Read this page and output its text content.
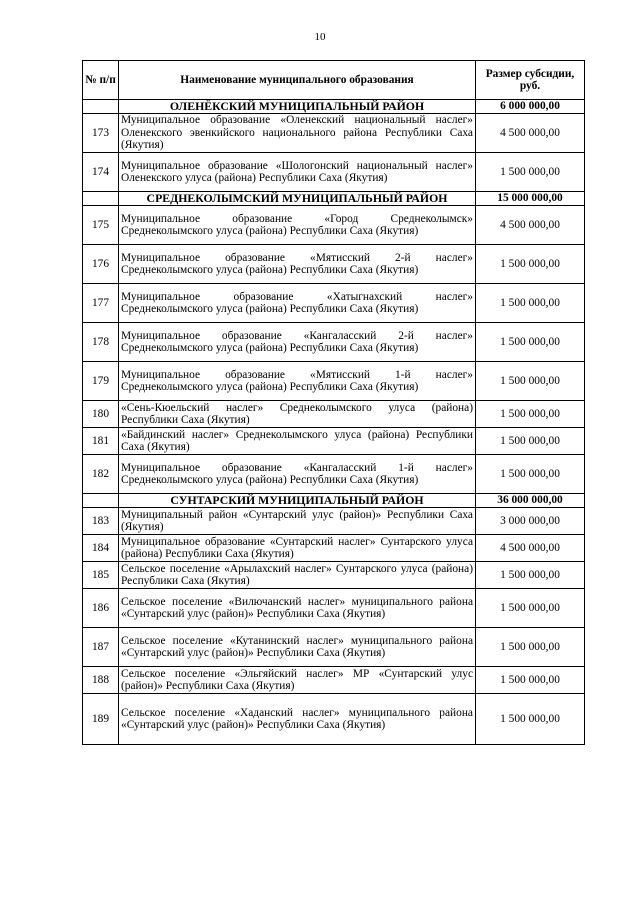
10
№ п/п	Наименование муниципального образования	Размер субсидии, руб.
	ОЛЕНЁКСКИЙ МУНИЦИПАЛЬНЫЙ РАЙОН	6 000 000,00
173	Муниципальное образование «Оленекский национальный наслег» Оленекского эвенкийского национального района Республики Саха (Якутия)	4 500 000,00
174	Муниципальное образование «Шологонский национальный наслег» Оленекского улуса (района) Республики Саха (Якутия)	1 500 000,00
	СРЕДНЕКОЛЫМСКИЙ МУНИЦИПАЛЬНЫЙ РАЙОН	15 000 000,00
175	Муниципальное образование «Город Среднеколымск» Среднеколымского улуса (района) Республики Саха (Якутия)	4 500 000,00
176	Муниципальное образование «Мятисский 2-й наслег» Среднеколымского улуса (района) Республики Саха (Якутия)	1 500 000,00
177	Муниципальное образование «Хатыгнахский наслег» Среднеколымского улуса (района) Республики Саха (Якутия)	1 500 000,00
178	Муниципальное образование «Кангаласский 2-й наслег» Среднеколымского улуса (района) Республики Саха (Якутия)	1 500 000,00
179	Муниципальное образование «Мятисский 1-й наслег» Среднеколымского улуса (района) Республики Саха (Якутия)	1 500 000,00
180	«Сень-Кюельский наслег» Среднеколымского улуса (района) Республики Саха (Якутия)	1 500 000,00
181	«Байдинский наслег» Среднеколымского улуса (района) Республики Саха (Якутия)	1 500 000,00
182	Муниципальное образование «Кангаласский 1-й наслег» Среднеколымского улуса (района) Республики Саха (Якутия)	1 500 000,00
	СУНТАРСКИЙ МУНИЦИПАЛЬНЫЙ РАЙОН	36 000 000,00
183	Муниципальный район «Сунтарский улус (район)» Республики Саха (Якутия)	3 000 000,00
184	Муниципальное образование «Сунтарский наслег» Сунтарского улуса (района) Республики Саха (Якутия)	4 500 000,00
185	Сельское поселение «Арылахский наслег» Сунтарского улуса (района) Республики Саха (Якутия)	1 500 000,00
186	Сельское поселение «Вилючанский наслег» муниципального района «Сунтарский улус (район)» Республики Саха (Якутия)	1 500 000,00
187	Сельское поселение «Кутанинский наслег» муниципального района «Сунтарский улус (район)» Республики Саха (Якутия)	1 500 000,00
188	Сельское поселение «Эльгяйский наслег» МР «Сунтарский улус (район)» Республики Саха (Якутия)	1 500 000,00
189	Сельское поселение «Хаданский наслег» муниципального района «Сунтарский улус (район)» Республики Саха (Якутия)	1 500 000,00
